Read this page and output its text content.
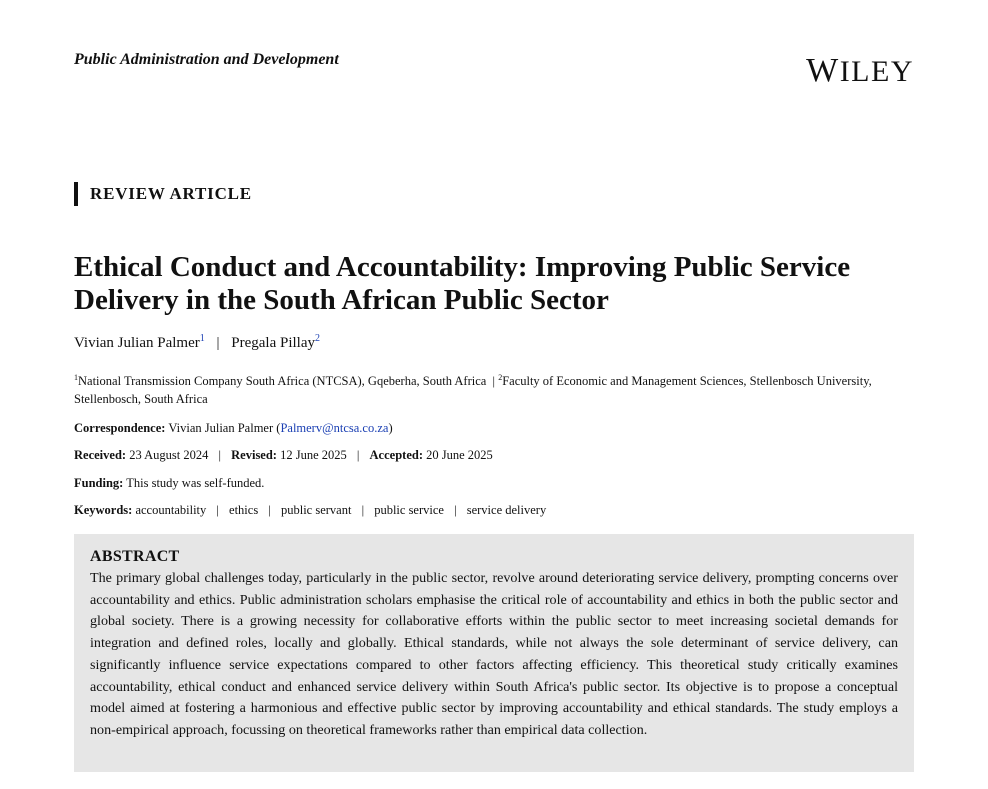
Public Administration and Development	WILEY
REVIEW ARTICLE
Ethical Conduct and Accountability: Improving Public Service Delivery in the South African Public Sector
Vivian Julian Palmer$^1$ | Pregala Pillay$^2$
$^1$National Transmission Company South Africa (NTCSA), Gqeberha, South Africa  | $^2$Faculty of Economic and Management Sciences, Stellenbosch University, Stellenbosch, South Africa
Correspondence: Vivian Julian Palmer (Palmerv@ntcsa.co.za)
Received: 23 August 2024 | Revised: 12 June 2025 | Accepted: 20 June 2025
Funding: This study was self-funded.
Keywords: accountability | ethics | public servant | public service | service delivery
ABSTRACT

The primary global challenges today, particularly in the public sector, revolve around deteriorating service delivery, prompting concerns over accountability and ethics. Public administration scholars emphasise the critical role of accountability and ethics in both the public sector and global society. There is a growing necessity for collaborative efforts within the public sector to meet increasing societal demands for integration and defined roles, locally and globally. Ethical standards, while not always the sole determinant of service delivery, can significantly influence service expectations compared to other factors affecting efficiency. This theoretical study critically examines accountability, ethical conduct and enhanced service delivery within South Africa's public sector. Its objective is to propose a conceptual model aimed at fostering a harmonious and effective public sector by improving accountability and ethical standards. The study employs a non-empirical approach, focussing on theoretical frameworks rather than empirical data collection.
